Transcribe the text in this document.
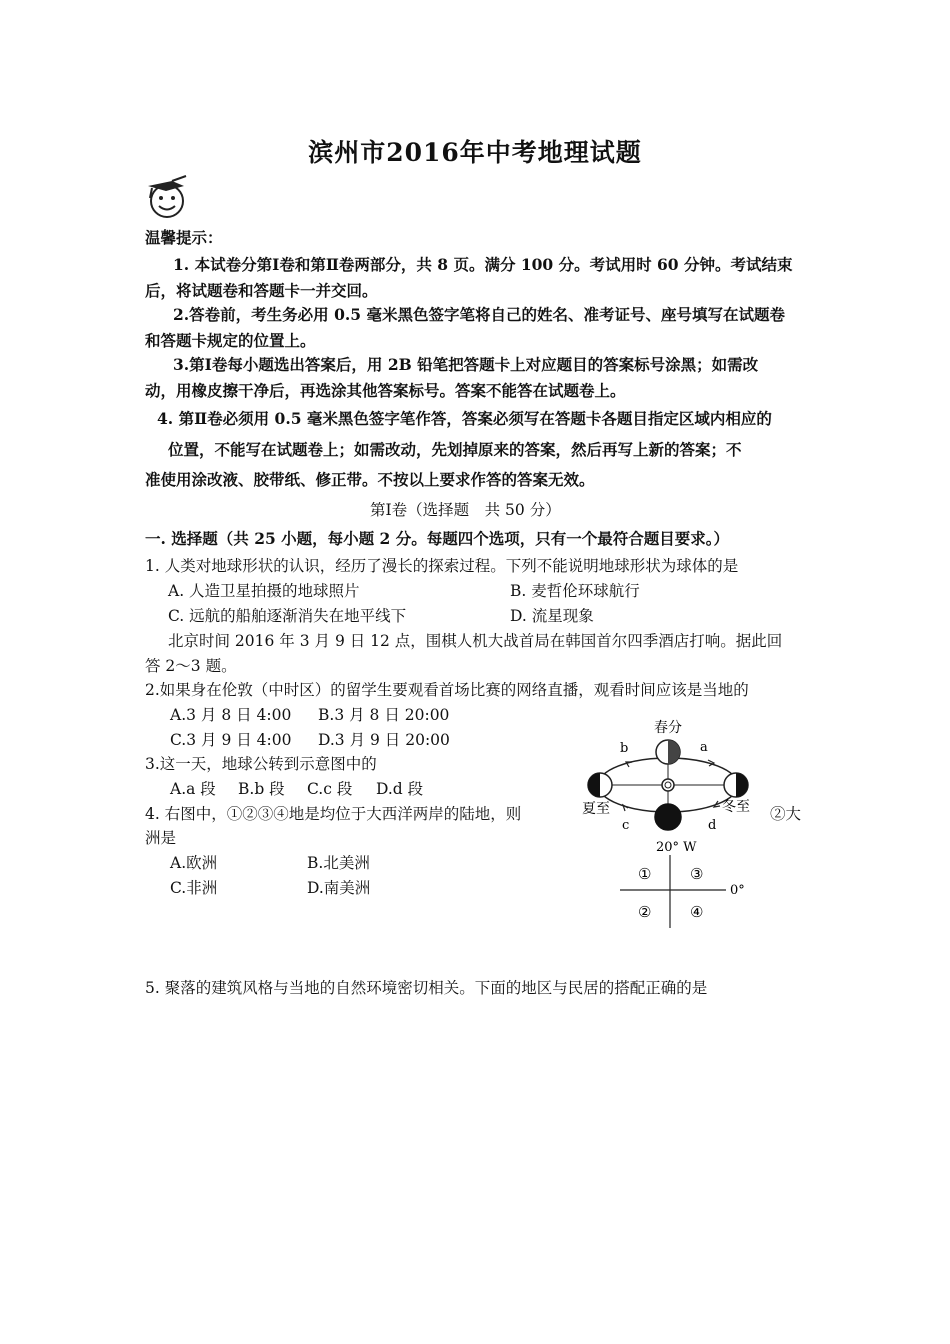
滨州市2016年中考地理试题
温馨提示：
1. 本试卷分第Ⅰ卷和第Ⅱ卷两部分，共 8 页。满分 100 分。考试用时 60 分钟。考试结束
后，将试题卷和答题卡一并交回。
2.答卷前，考生务必用 0.5 毫米黑色签字笔将自己的姓名、准考证号、座号填写在试题卷
和答题卡规定的位置上。
3.第Ⅰ卷每小题选出答案后，用 2B 铅笔把答题卡上对应题目的答案标号涂黑；如需改
动，用橡皮擦干净后，再选涂其他答案标号。答案不能答在试题卷上。
4. 第Ⅱ卷必须用 0.5 毫米黑色签字笔作答，答案必须写在答题卡各题目指定区域内相应的
位置，不能写在试题卷上；如需改动，先划掉原来的答案，然后再写上新的答案；不
准使用涂改液、胶带纸、修正带。不按以上要求作答的答案无效。
第Ⅰ卷（选择题　共 50 分）
一. 选择题（共 25 小题，每小题 2 分。每题四个选项，只有一个最符合题目要求。）
1. 人类对地球形状的认识，经历了漫长的探索过程。下列不能说明地球形状为球体的是
A. 人造卫星拍摄的地球照片	B. 麦哲伦环球航行
C. 远航的船舶逐渐消失在地平线下	D. 流星现象
北京时间 2016 年 3 月 9 日 12 点，围棋人机大战首局在韩国首尔四季酒店打响。据此回
答 2～3 题。
2.如果身在伦敦（中时区）的留学生要观看首场比赛的网络直播，观看时间应该是当地的
A.3 月 8 日 4:00 B.3 月 8 日 20:00
C.3 月 9 日 4:00 D.3 月 9 日 20:00
3.这一天，地球公转到示意图中的
A.a 段 B.b 段 C.c 段 D.d 段
4. 右图中，①②③④地是均位于大西洋两岸的陆地，则	②大
洲是
A.欧洲	B.北美洲
C.非洲	D.南美洲
5. 聚落的建筑风格与当地的自然环境密切相关。下面的地区与民居的搭配正确的是
春分
夏至	冬至
a
b
c	d
20° W
①
②
③
④
0°
